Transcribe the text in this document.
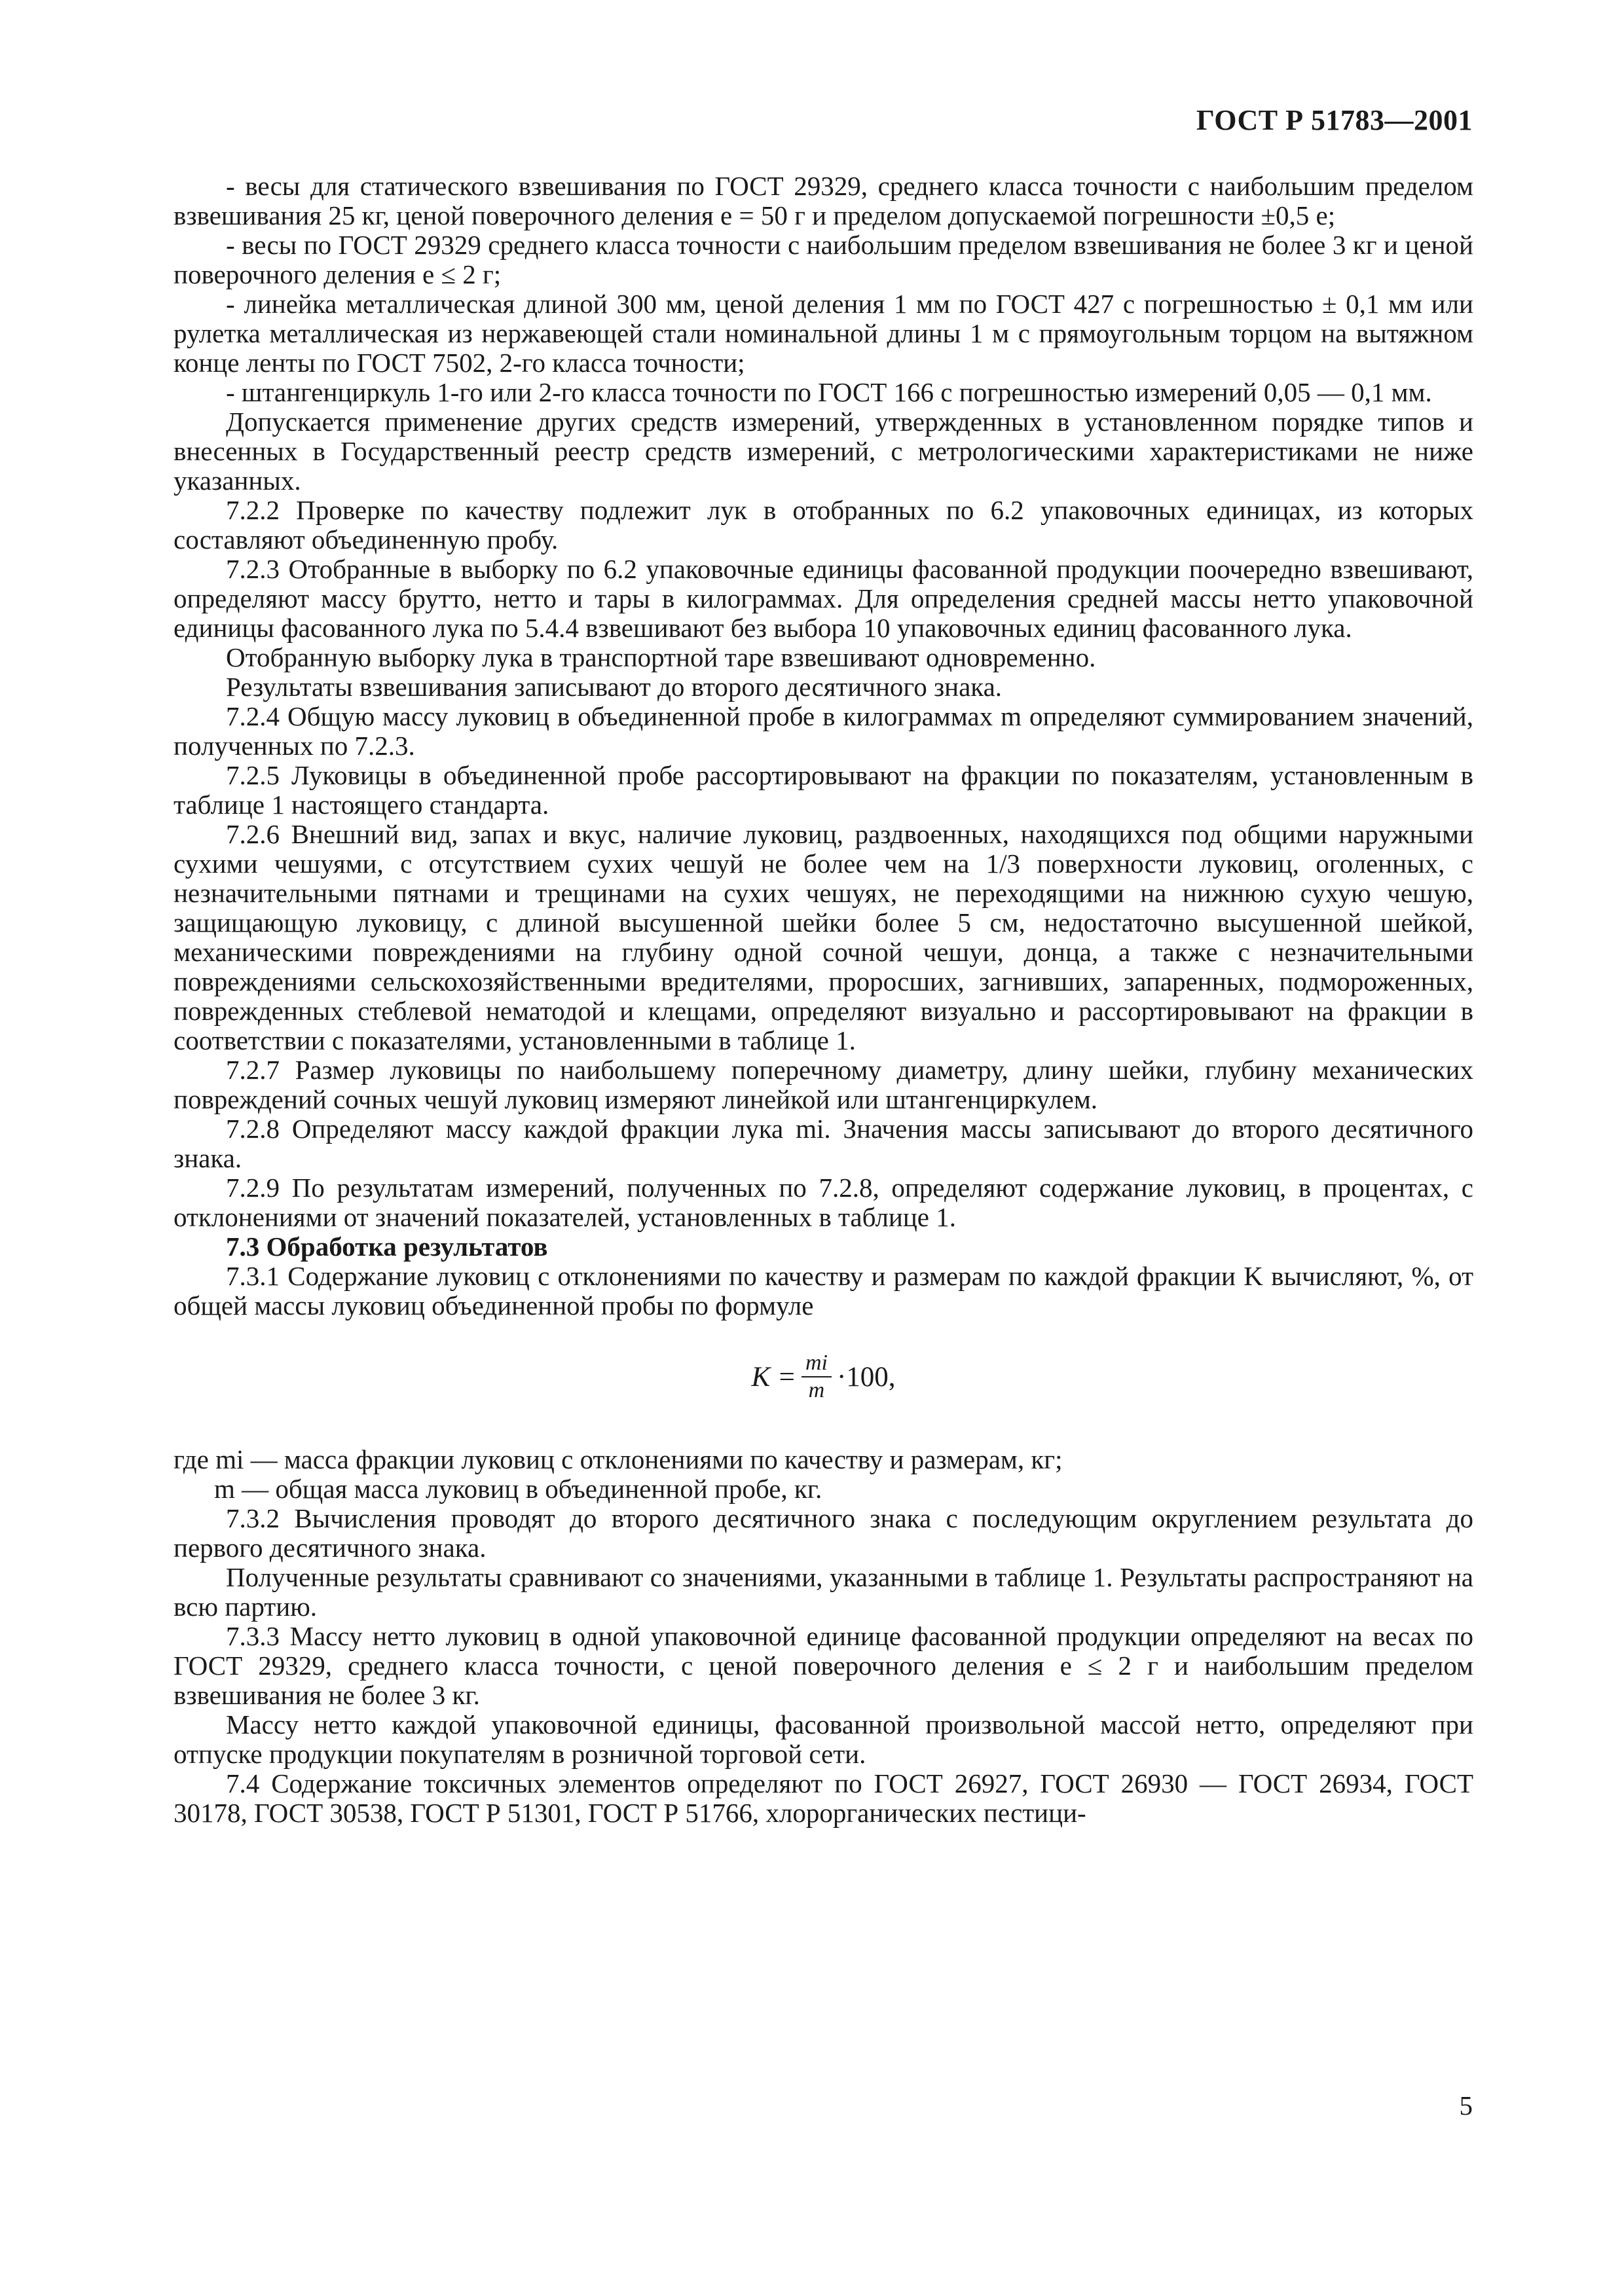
ГОСТ Р 51783—2001

- весы для статического взвешивания по ГОСТ 29329, среднего класса точности с наибольшим пределом взвешивания 25 кг, ценой поверочного деления e = 50 г и пределом допускаемой погрешности ±0,5 e;

- весы по ГОСТ 29329 среднего класса точности с наибольшим пределом взвешивания не более 3 кг и ценой поверочного деления e ≤ 2 г;

- линейка металлическая длиной 300 мм, ценой деления 1 мм по ГОСТ 427 с погрешностью ± 0,1 мм или рулетка металлическая из нержавеющей стали номинальной длины 1 м с прямоугольным торцом на вытяжном конце ленты по ГОСТ 7502, 2-го класса точности;

- штангенциркуль 1-го или 2-го класса точности по ГОСТ 166 с погрешностью измерений 0,05 — 0,1 мм.

Допускается применение других средств измерений, утвержденных в установленном порядке типов и внесенных в Государственный реестр средств измерений, с метрологическими характеристиками не ниже указанных.

7.2.2 Проверке по качеству подлежит лук в отобранных по 6.2 упаковочных единицах, из которых составляют объединенную пробу.

7.2.3 Отобранные в выборку по 6.2 упаковочные единицы фасованной продукции поочередно взвешивают, определяют массу брутто, нетто и тары в килограммах. Для определения средней массы нетто упаковочной единицы фасованного лука по 5.4.4 взвешивают без выбора 10 упаковочных единиц фасованного лука.

Отобранную выборку лука в транспортной таре взвешивают одновременно.

Результаты взвешивания записывают до второго десятичного знака.

7.2.4 Общую массу луковиц в объединенной пробе в килограммах m определяют суммированием значений, полученных по 7.2.3.

7.2.5 Луковицы в объединенной пробе рассортировывают на фракции по показателям, установленным в таблице 1 настоящего стандарта.

7.2.6 Внешний вид, запах и вкус, наличие луковиц, раздвоенных, находящихся под общими наружными сухими чешуями, с отсутствием сухих чешуй не более чем на 1/3 поверхности луковиц, оголенных, с незначительными пятнами и трещинами на сухих чешуях, не переходящими на нижнюю сухую чешую, защищающую луковицу, с длиной высушенной шейки более 5 см, недостаточно высушенной шейкой, механическими повреждениями на глубину одной сочной чешуи, донца, а также с незначительными повреждениями сельскохозяйственными вредителями, проросших, загнивших, запаренных, подмороженных, поврежденных стеблевой нематодой и клещами, определяют визуально и рассортировывают на фракции в соответствии с показателями, установленными в таблице 1.

7.2.7 Размер луковицы по наибольшему поперечному диаметру, длину шейки, глубину механических повреждений сочных чешуй луковиц измеряют линейкой или штангенциркулем.

7.2.8 Определяют массу каждой фракции лука mi. Значения массы записывают до второго десятичного знака.

7.2.9 По результатам измерений, полученных по 7.2.8, определяют содержание луковиц, в процентах, с отклонениями от значений показателей, установленных в таблице 1.

7.3 Обработка результатов

7.3.1 Содержание луковиц с отклонениями по качеству и размерам по каждой фракции K вычисляют, %, от общей массы луковиц объединенной пробы по формуле

$K = \frac{mi}{m} \cdot 100$,

где mi — масса фракции луковиц с отклонениями по качеству и размерам, кг;

m — общая масса луковиц в объединенной пробе, кг.

7.3.2 Вычисления проводят до второго десятичного знака с последующим округлением результата до первого десятичного знака.

Полученные результаты сравнивают со значениями, указанными в таблице 1. Результаты распространяют на всю партию.

7.3.3 Массу нетто луковиц в одной упаковочной единице фасованной продукции определяют на весах по ГОСТ 29329, среднего класса точности, с ценой поверочного деления e ≤ 2 г и наибольшим пределом взвешивания не более 3 кг.

Массу нетто каждой упаковочной единицы, фасованной произвольной массой нетто, определяют при отпуске продукции покупателям в розничной торговой сети.

7.4 Содержание токсичных элементов определяют по ГОСТ 26927, ГОСТ 26930 — ГОСТ 26934, ГОСТ 30178, ГОСТ 30538, ГОСТ Р 51301, ГОСТ Р 51766, хлорорганических пестици-

5
